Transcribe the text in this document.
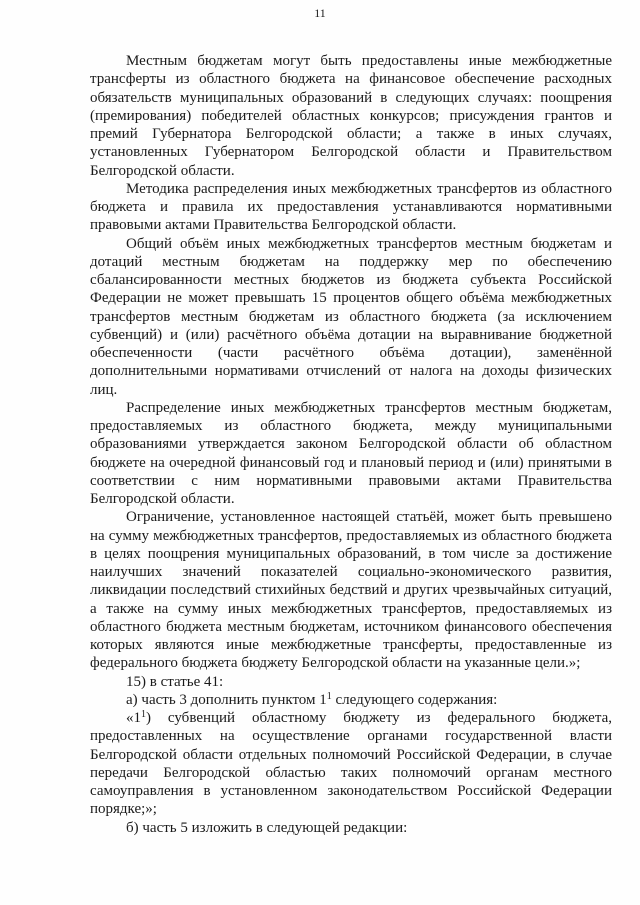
11

Местным бюджетам могут быть предоставлены иные межбюджетные трансферты из областного бюджета на финансовое обеспечение расходных обязательств муниципальных образований в следующих случаях: поощрения (премирования) победителей областных конкурсов; присуждения грантов и премий Губернатора Белгородской области; а также в иных случаях, установленных Губернатором Белгородской области и Правительством Белгородской области.

Методика распределения иных межбюджетных трансфертов из областного бюджета и правила их предоставления устанавливаются нормативными правовыми актами Правительства Белгородской области.

Общий объём иных межбюджетных трансфертов местным бюджетам и дотаций местным бюджетам на поддержку мер по обеспечению сбалансированности местных бюджетов из бюджета субъекта Российской Федерации не может превышать 15 процентов общего объёма межбюджетных трансфертов местным бюджетам из областного бюджета (за исключением субвенций) и (или) расчётного объёма дотации на выравнивание бюджетной обеспеченности (части расчётного объёма дотации), заменённой дополнительными нормативами отчислений от налога на доходы физических лиц.

Распределение иных межбюджетных трансфертов местным бюджетам, предоставляемых из областного бюджета, между муниципальными образованиями утверждается законом Белгородской области об областном бюджете на очередной финансовый год и плановый период и (или) принятыми в соответствии с ним нормативными правовыми актами Правительства Белгородской области.

Ограничение, установленное настоящей статьёй, может быть превышено на сумму межбюджетных трансфертов, предоставляемых из областного бюджета в целях поощрения муниципальных образований, в том числе за достижение наилучших значений показателей социально-экономического развития, ликвидации последствий стихийных бедствий и других чрезвычайных ситуаций, а также на сумму иных межбюджетных трансфертов, предоставляемых из областного бюджета местным бюджетам, источником финансового обеспечения которых являются иные межбюджетные трансферты, предоставленные из федерального бюджета бюджету Белгородской области на указанные цели.»;

15) в статье 41:

а) часть 3 дополнить пунктом $1^1$ следующего содержания:

«$1^1$) субвенций областному бюджету из федерального бюджета, предоставленных на осуществление органами государственной власти Белгородской области отдельных полномочий Российской Федерации, в случае передачи Белгородской областью таких полномочий органам местного самоуправления в установленном законодательством Российской Федерации порядке;»;

б) часть 5 изложить в следующей редакции:
